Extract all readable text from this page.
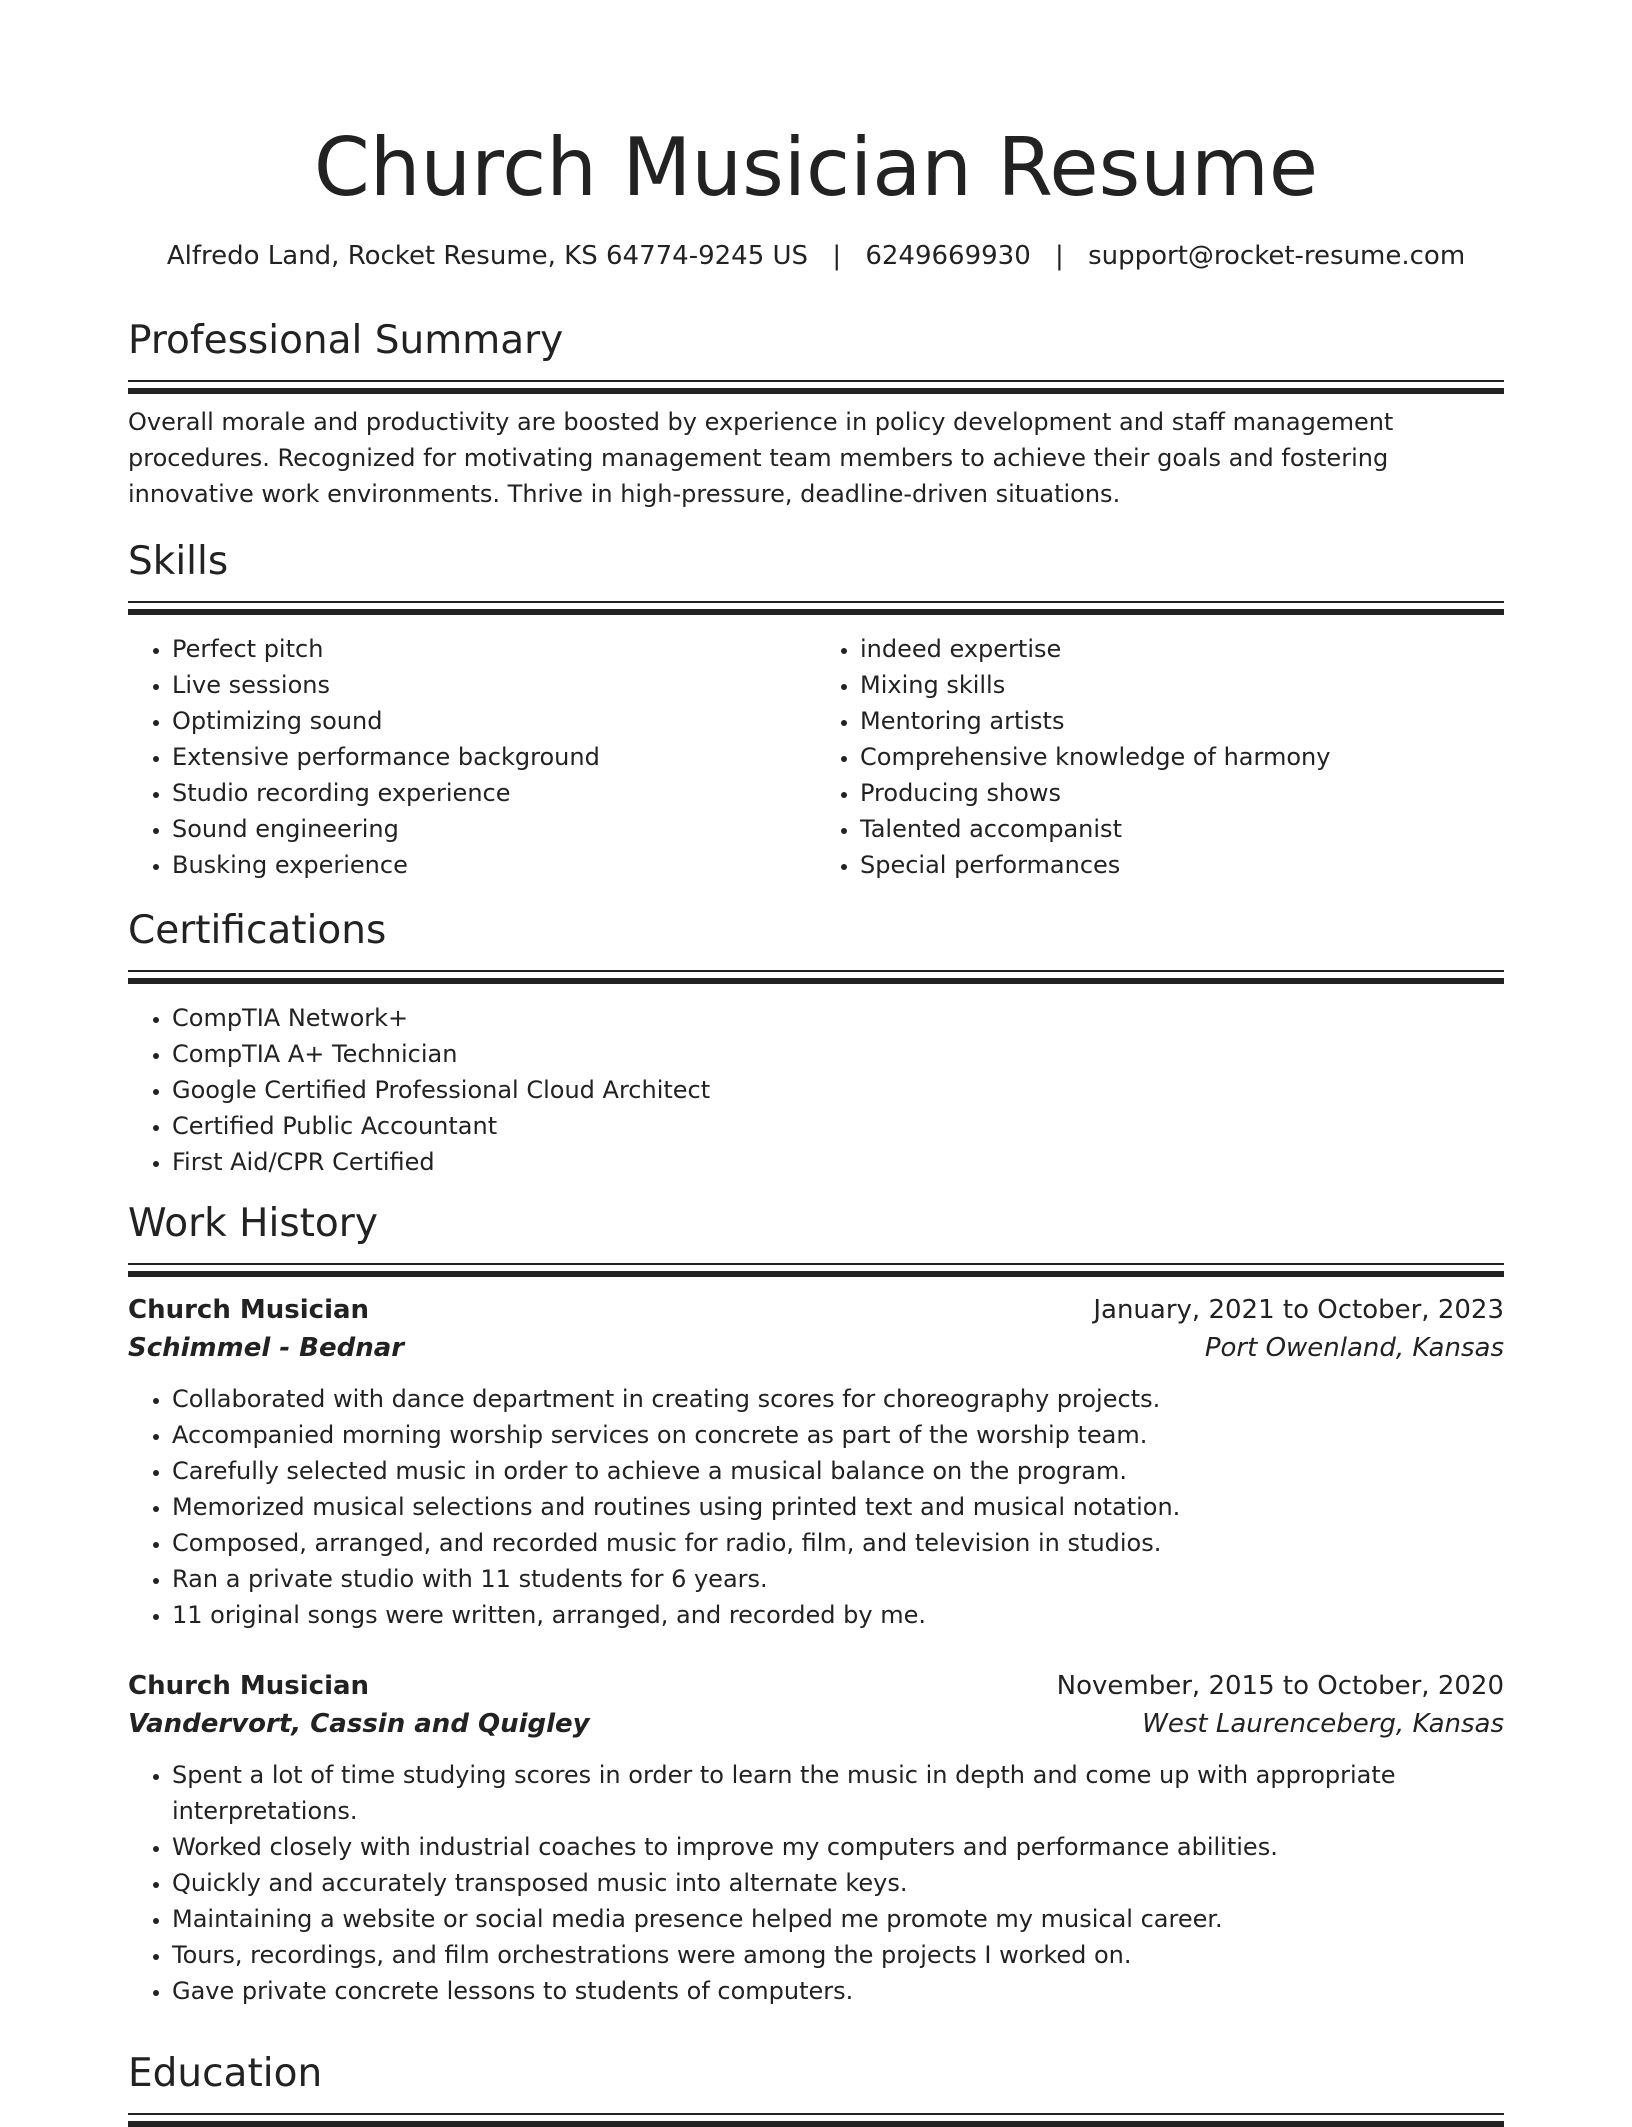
Church Musician Resume
Alfredo Land, Rocket Resume, KS 64774-9245 US | 6249669930 | support@rocket-resume.com
Professional Summary

Overall morale and productivity are boosted by experience in policy development and staff management procedures. Recognized for motivating management team members to achieve their goals and fostering innovative work environments. Thrive in high-pressure, deadline-driven situations.

Skills
• Perfect pitch
• Live sessions
• Optimizing sound
• Extensive performance background
• Studio recording experience
• Sound engineering
• Busking experience
• indeed expertise
• Mixing skills
• Mentoring artists
• Comprehensive knowledge of harmony
• Producing shows
• Talented accompanist
• Special performances
Certifications
• CompTIA Network+
• CompTIA A+ Technician
• Google Certified Professional Cloud Architect
• Certified Public Accountant
• First Aid/CPR Certified
Work History
Church Musician	January, 2021 to October, 2023
Schimmel - Bednar	Port Owenland, Kansas
• Collaborated with dance department in creating scores for choreography projects.
• Accompanied morning worship services on concrete as part of the worship team.
• Carefully selected music in order to achieve a musical balance on the program.
• Memorized musical selections and routines using printed text and musical notation.
• Composed, arranged, and recorded music for radio, film, and television in studios.
• Ran a private studio with 11 students for 6 years.
• 11 original songs were written, arranged, and recorded by me.
Church Musician	November, 2015 to October, 2020
Vandervort, Cassin and Quigley	West Laurenceberg, Kansas
• Spent a lot of time studying scores in order to learn the music in depth and come up with appropriate interpretations.
• Worked closely with industrial coaches to improve my computers and performance abilities.
• Quickly and accurately transposed music into alternate keys.
• Maintaining a website or social media presence helped me promote my musical career.
• Tours, recordings, and film orchestrations were among the projects I worked on.
• Gave private concrete lessons to students of computers.
Education
